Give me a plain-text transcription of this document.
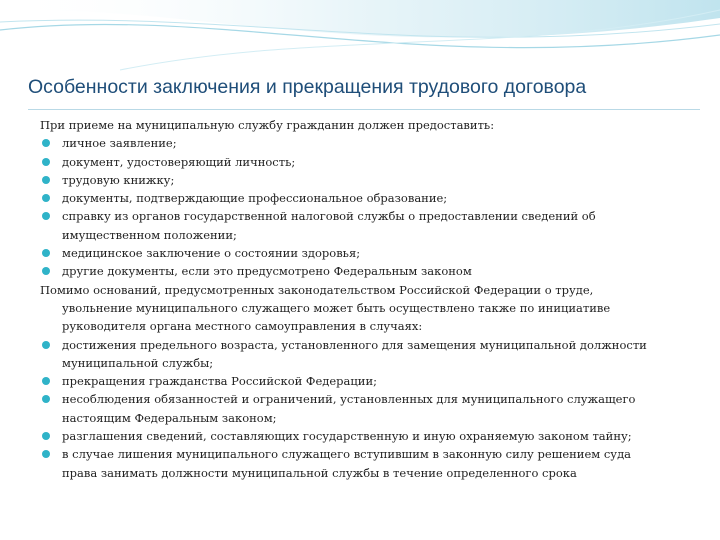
Особенности заключения и прекращения трудового договора

При приеме на муниципальную службу гражданин должен предоставить:

личное заявление;
документ, удостоверяющий личность;
трудовую книжку;
документы, подтверждающие профессиональное образование;
справку из органов государственной налоговой службы о предоставлении сведений об
имущественном положении;
медицинское заключение о состоянии здоровья;
другие документы, если это предусмотрено Федеральным законом

Помимо оснований, предусмотренных законодательством Российской Федерации о труде,
увольнение муниципального служащего может быть осуществлено также по инициативе
руководителя органа местного самоуправления в случаях:

достижения предельного возраста, установленного для замещения муниципальной должности
муниципальной службы;
прекращения гражданства Российской Федерации;
несоблюдения обязанностей и ограничений, установленных для муниципального служащего
настоящим Федеральным законом;
разглашения сведений, составляющих государственную и иную охраняемую законом тайну;
в случае лишения муниципального служащего вступившим в законную силу решением суда
права занимать должности муниципальной службы в течение определенного срока
